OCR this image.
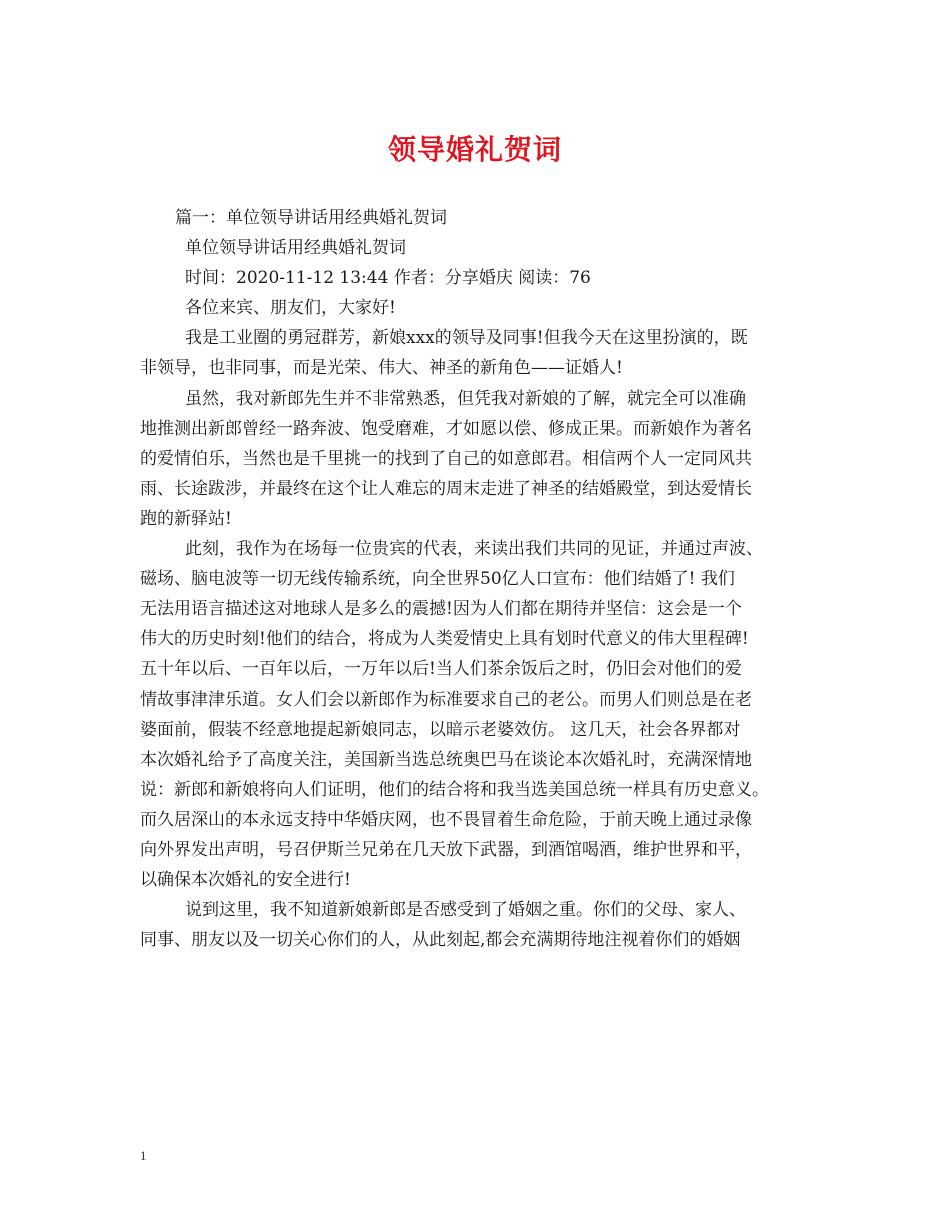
领导婚礼贺词
篇一：单位领导讲话用经典婚礼贺词
单位领导讲话用经典婚礼贺词
时间：2020-11-12 13:44 作者：分享婚庆 阅读：76
各位来宾、朋友们，大家好!
我是工业圈的勇冠群芳，新娘xxx的领导及同事!但我今天在这里扮演的，既
非领导，也非同事，而是光荣、伟大、神圣的新角色——证婚人!
虽然，我对新郎先生并不非常熟悉，但凭我对新娘的了解，就完全可以准确
地推测出新郎曾经一路奔波、饱受磨难，才如愿以偿、修成正果。而新娘作为著名
的爱情伯乐，当然也是千里挑一的找到了自己的如意郎君。相信两个人一定同风共
雨、长途跋涉，并最终在这个让人难忘的周末走进了神圣的结婚殿堂，到达爱情长
跑的新驿站!
此刻，我作为在场每一位贵宾的代表，来读出我们共同的见证，并通过声波、
磁场、脑电波等一切无线传输系统，向全世界50亿人口宣布：他们结婚了! 我们
无法用语言描述这对地球人是多么的震撼!因为人们都在期待并坚信：这会是一个
伟大的历史时刻!他们的结合，将成为人类爱情史上具有划时代意义的伟大里程碑!
五十年以后、一百年以后，一万年以后!当人们茶余饭后之时，仍旧会对他们的爱
情故事津津乐道。女人们会以新郎作为标准要求自己的老公。而男人们则总是在老
婆面前，假装不经意地提起新娘同志，以暗示老婆效仿。 这几天，社会各界都对
本次婚礼给予了高度关注，美国新当选总统奥巴马在谈论本次婚礼时，充满深情地
说：新郎和新娘将向人们证明，他们的结合将和我当选美国总统一样具有历史意义。
而久居深山的本永远支持中华婚庆网，也不畏冒着生命危险，于前天晚上通过录像
向外界发出声明，号召伊斯兰兄弟在几天放下武器，到酒馆喝酒，维护世界和平，
以确保本次婚礼的安全进行!
说到这里，我不知道新娘新郎是否感受到了婚姻之重。你们的父母、家人、
同事、朋友以及一切关心你们的人，从此刻起,都会充满期待地注视着你们的婚姻
1
